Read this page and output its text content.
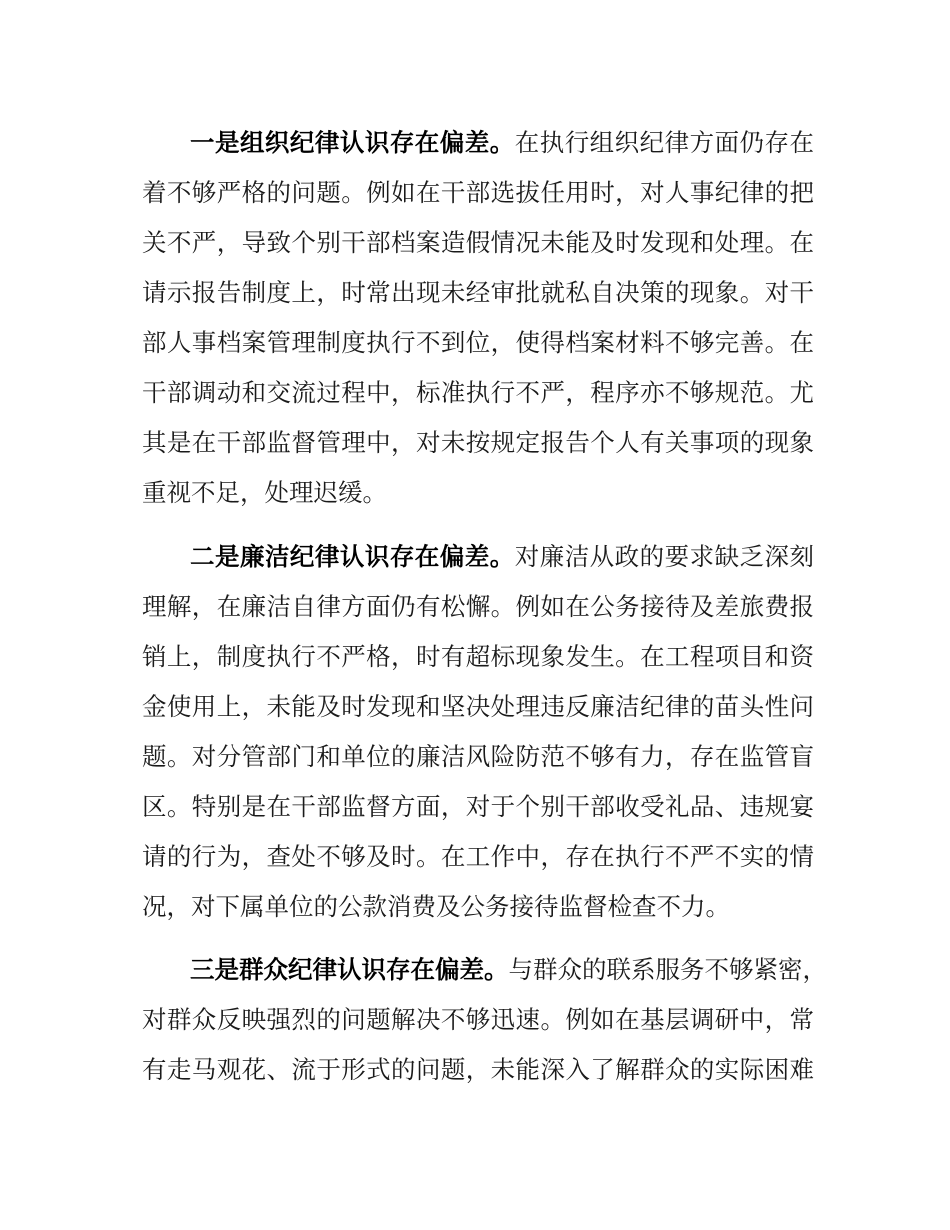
一是组织纪律认识存在偏差。在执行组织纪律方面仍存在
着不够严格的问题。例如在干部选拔任用时，对人事纪律的把
关不严，导致个别干部档案造假情况未能及时发现和处理。在
请示报告制度上，时常出现未经审批就私自决策的现象。对干
部人事档案管理制度执行不到位，使得档案材料不够完善。在
干部调动和交流过程中，标准执行不严，程序亦不够规范。尤
其是在干部监督管理中，对未按规定报告个人有关事项的现象
重视不足，处理迟缓。
二是廉洁纪律认识存在偏差。对廉洁从政的要求缺乏深刻
理解，在廉洁自律方面仍有松懈。例如在公务接待及差旅费报
销上，制度执行不严格，时有超标现象发生。在工程项目和资
金使用上，未能及时发现和坚决处理违反廉洁纪律的苗头性问
题。对分管部门和单位的廉洁风险防范不够有力，存在监管盲
区。特别是在干部监督方面，对于个别干部收受礼品、违规宴
请的行为，查处不够及时。在工作中，存在执行不严不实的情
况，对下属单位的公款消费及公务接待监督检查不力。
三是群众纪律认识存在偏差。与群众的联系服务不够紧密，
对群众反映强烈的问题解决不够迅速。例如在基层调研中，常
有走马观花、流于形式的问题，未能深入了解群众的实际困难
